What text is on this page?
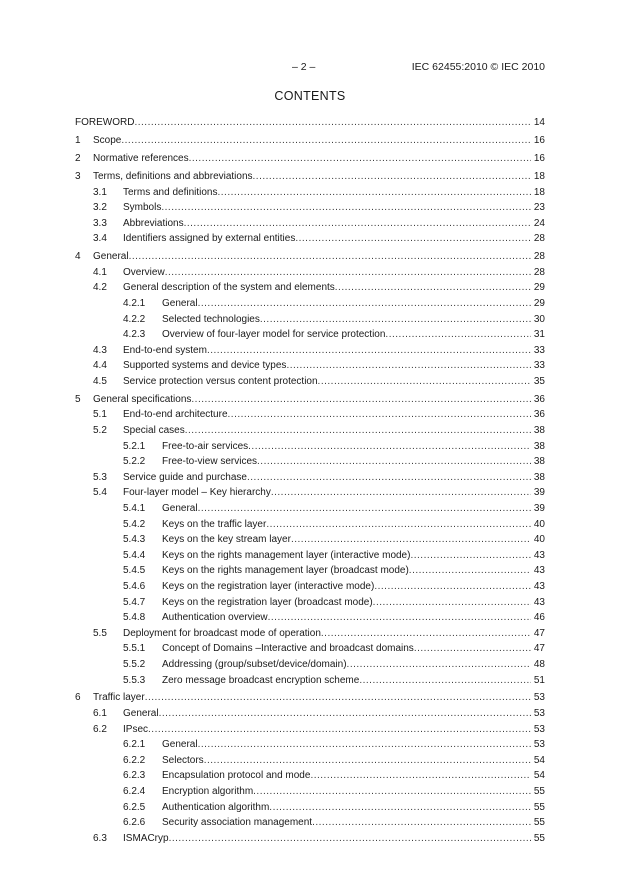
– 2 –	IEC 62455:2010 © IEC 2010
CONTENTS
FOREWORD .....	14
1 Scope .....	16
2 Normative references .....	16
3 Terms, definitions and abbreviations .....	18
3.1 Terms and definitions .....	18
3.2 Symbols .....	23
3.3 Abbreviations .....	24
3.4 Identifiers assigned by external entities .....	28
4 General .....	28
4.1 Overview .....	28
4.2 General description of the system and elements .....	29
4.2.1 General .....	29
4.2.2 Selected technologies .....	30
4.2.3 Overview of four-layer model for service protection .....	31
4.3 End-to-end system .....	33
4.4 Supported systems and device types .....	33
4.5 Service protection versus content protection .....	35
5 General specifications .....	36
5.1 End-to-end architecture .....	36
5.2 Special cases .....	38
5.2.1 Free-to-air services .....	38
5.2.2 Free-to-view services .....	38
5.3 Service guide and purchase .....	38
5.4 Four-layer model – Key hierarchy .....	39
5.4.1 General .....	39
5.4.2 Keys on the traffic layer .....	40
5.4.3 Keys on the key stream layer .....	40
5.4.4 Keys on the rights management layer (interactive mode) .....	43
5.4.5 Keys on the rights management layer (broadcast mode) .....	43
5.4.6 Keys on the registration layer (interactive mode) .....	43
5.4.7 Keys on the registration layer (broadcast mode) .....	43
5.4.8 Authentication overview .....	46
5.5 Deployment for broadcast mode of operation .....	47
5.5.1 Concept of Domains –Interactive and broadcast domains .....	47
5.5.2 Addressing (group/subset/device/domain) .....	48
5.5.3 Zero message broadcast encryption scheme .....	51
6 Traffic layer .....	53
6.1 General .....	53
6.2 IPsec .....	53
6.2.1 General .....	53
6.2.2 Selectors .....	54
6.2.3 Encapsulation protocol and mode .....	54
6.2.4 Encryption algorithm .....	55
6.2.5 Authentication algorithm .....	55
6.2.6 Security association management .....	55
6.3 ISMACryp .....	55
